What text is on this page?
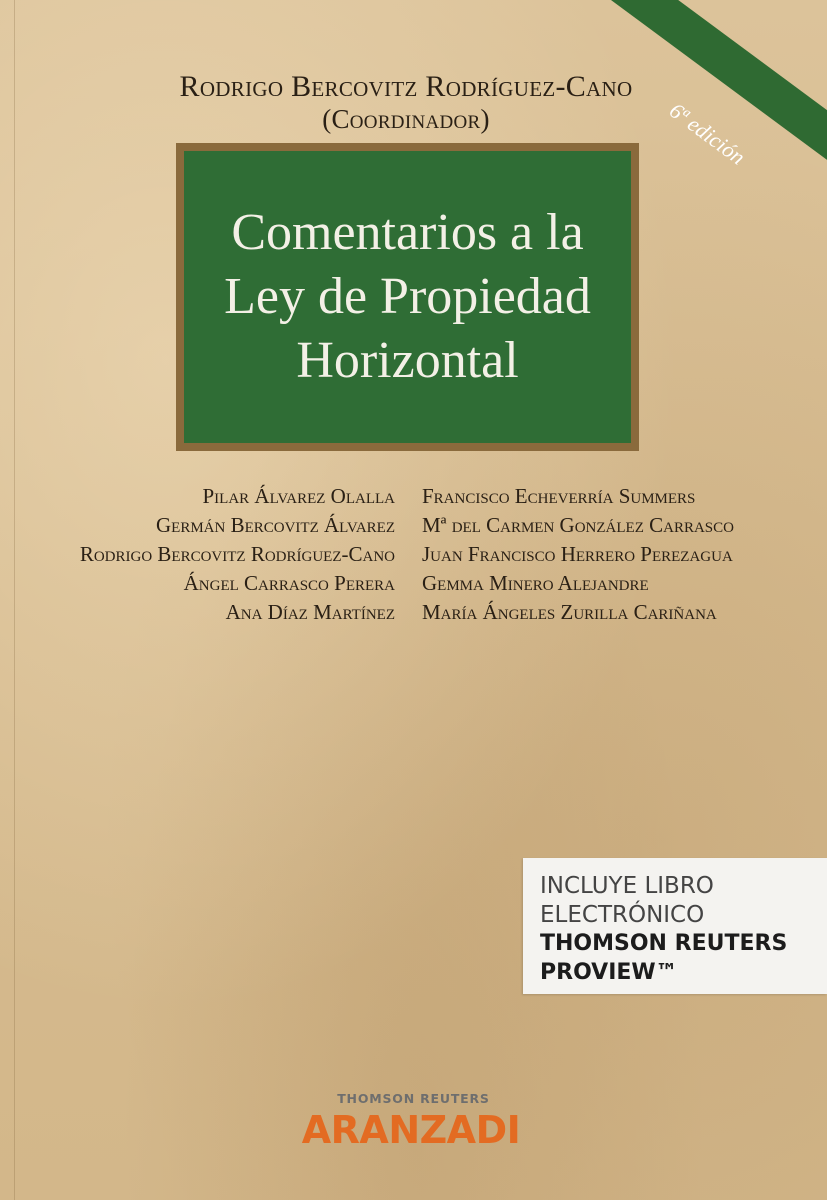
Rodrigo Bercovitz Rodríguez-Cano
(Coordinador)	6ª edición
Comentarios a la
Ley de Propiedad
Horizontal
Pilar Álvarez Olalla
Germán Bercovitz Álvarez
Rodrigo Bercovitz Rodríguez-Cano
Ángel Carrasco Perera
Ana Díaz Martínez
Francisco Echeverría Summers
Mª del Carmen González Carrasco
Juan Francisco Herrero Perezagua
Gemma Minero Alejandre
María Ángeles Zurilla Cariñana
INCLUYE LIBRO
ELECTRÓNICO
THOMSON REUTERS
PROVIEW™
THOMSON REUTERS
ARANZADI
